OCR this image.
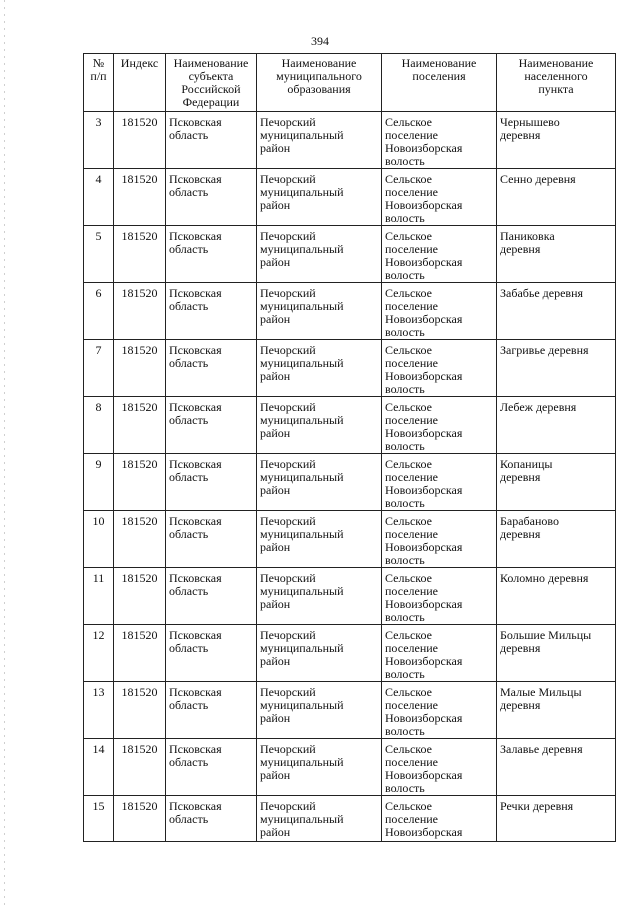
394
№
п/п	Индекс	Наименование
субъекта
Российской
Федерации	Наименование
муниципального
образования	Наименование
поселения	Наименование
населенного
пункта

3	181520	Псковская
область	Печорский
муниципальный
район	Сельское
поселение
Новоизборская
волость	Чернышево
деревня

4	181520	Псковская
область	Печорский
муниципальный
район	Сельское
поселение
Новоизборская
волость	Сенно деревня

5	181520	Псковская
область	Печорский
муниципальный
район	Сельское
поселение
Новоизборская
волость	Паниковка
деревня

6	181520	Псковская
область	Печорский
муниципальный
район	Сельское
поселение
Новоизборская
волость	Забабье деревня

7	181520	Псковская
область	Печорский
муниципальный
район	Сельское
поселение
Новоизборская
волость	Загривье деревня

8	181520	Псковская
область	Печорский
муниципальный
район	Сельское
поселение
Новоизборская
волость	Лебеж деревня

9	181520	Псковская
область	Печорский
муниципальный
район	Сельское
поселение
Новоизборская
волость	Копаницы
деревня

10	181520	Псковская
область	Печорский
муниципальный
район	Сельское
поселение
Новоизборская
волость	Барабаново
деревня

11	181520	Псковская
область	Печорский
муниципальный
район	Сельское
поселение
Новоизборская
волость	Коломно деревня

12	181520	Псковская
область	Печорский
муниципальный
район	Сельское
поселение
Новоизборская
волость	Большие Мильцы
деревня

13	181520	Псковская
область	Печорский
муниципальный
район	Сельское
поселение
Новоизборская
волость	Малые Мильцы
деревня

14	181520	Псковская
область	Печорский
муниципальный
район	Сельское
поселение
Новоизборская
волость	Залавье деревня

15	181520	Псковская
область	Печорский
муниципальный
район	Сельское
поселение
Новоизборская	Речки деревня
